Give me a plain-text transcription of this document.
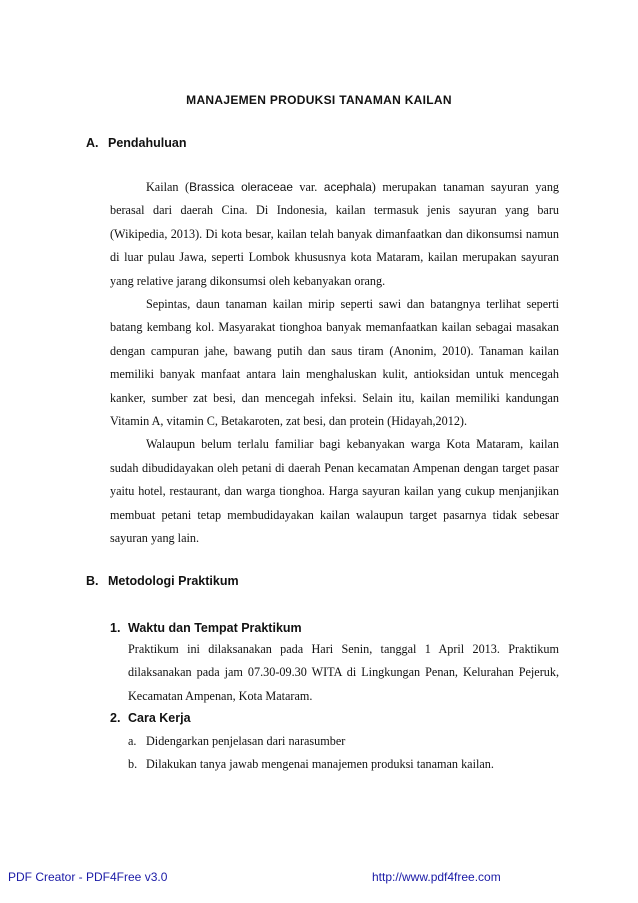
MANAJEMEN PRODUKSI TANAMAN KAILAN
A. Pendahuluan

Kailan (Brassica oleraceae var. acephala) merupakan tanaman sayuran yang berasal dari daerah Cina. Di Indonesia, kailan termasuk jenis sayuran yang baru (Wikipedia, 2013). Di kota besar, kailan telah banyak dimanfaatkan dan dikonsumsi namun di luar pulau Jawa, seperti Lombok khususnya kota Mataram, kailan merupakan sayuran yang relative jarang dikonsumsi oleh kebanyakan orang.

Sepintas, daun tanaman kailan mirip seperti sawi dan batangnya terlihat seperti batang kembang kol. Masyarakat tionghoa banyak memanfaatkan kailan sebagai masakan dengan campuran jahe, bawang putih dan saus tiram (Anonim, 2010). Tanaman kailan memiliki banyak manfaat antara lain menghaluskan kulit, antioksidan untuk mencegah kanker, sumber zat besi, dan mencegah infeksi. Selain itu, kailan memiliki kandungan Vitamin A, vitamin C, Betakaroten, zat besi, dan protein (Hidayah,2012).

Walaupun belum terlalu familiar bagi kebanyakan warga Kota Mataram, kailan sudah dibudidayakan oleh petani di daerah Penan kecamatan Ampenan dengan target pasar yaitu hotel, restaurant, dan warga tionghoa. Harga sayuran kailan yang cukup menjanjikan membuat petani tetap membudidayakan kailan walaupun target pasarnya tidak sebesar sayuran yang lain.

B. Metodologi Praktikum
1. Waktu dan Tempat Praktikum

Praktikum ini dilaksanakan pada Hari Senin, tanggal 1 April 2013. Praktikum dilaksanakan pada jam 07.30-09.30 WITA di Lingkungan Penan, Kelurahan Pejeruk, Kecamatan Ampenan, Kota Mataram.

2. Cara Kerja
a. Didengarkan penjelasan dari narasumber
b. Dilakukan tanya jawab mengenai manajemen produksi tanaman kailan.
PDF Creator - PDF4Free v3.0	http://www.pdf4free.com
